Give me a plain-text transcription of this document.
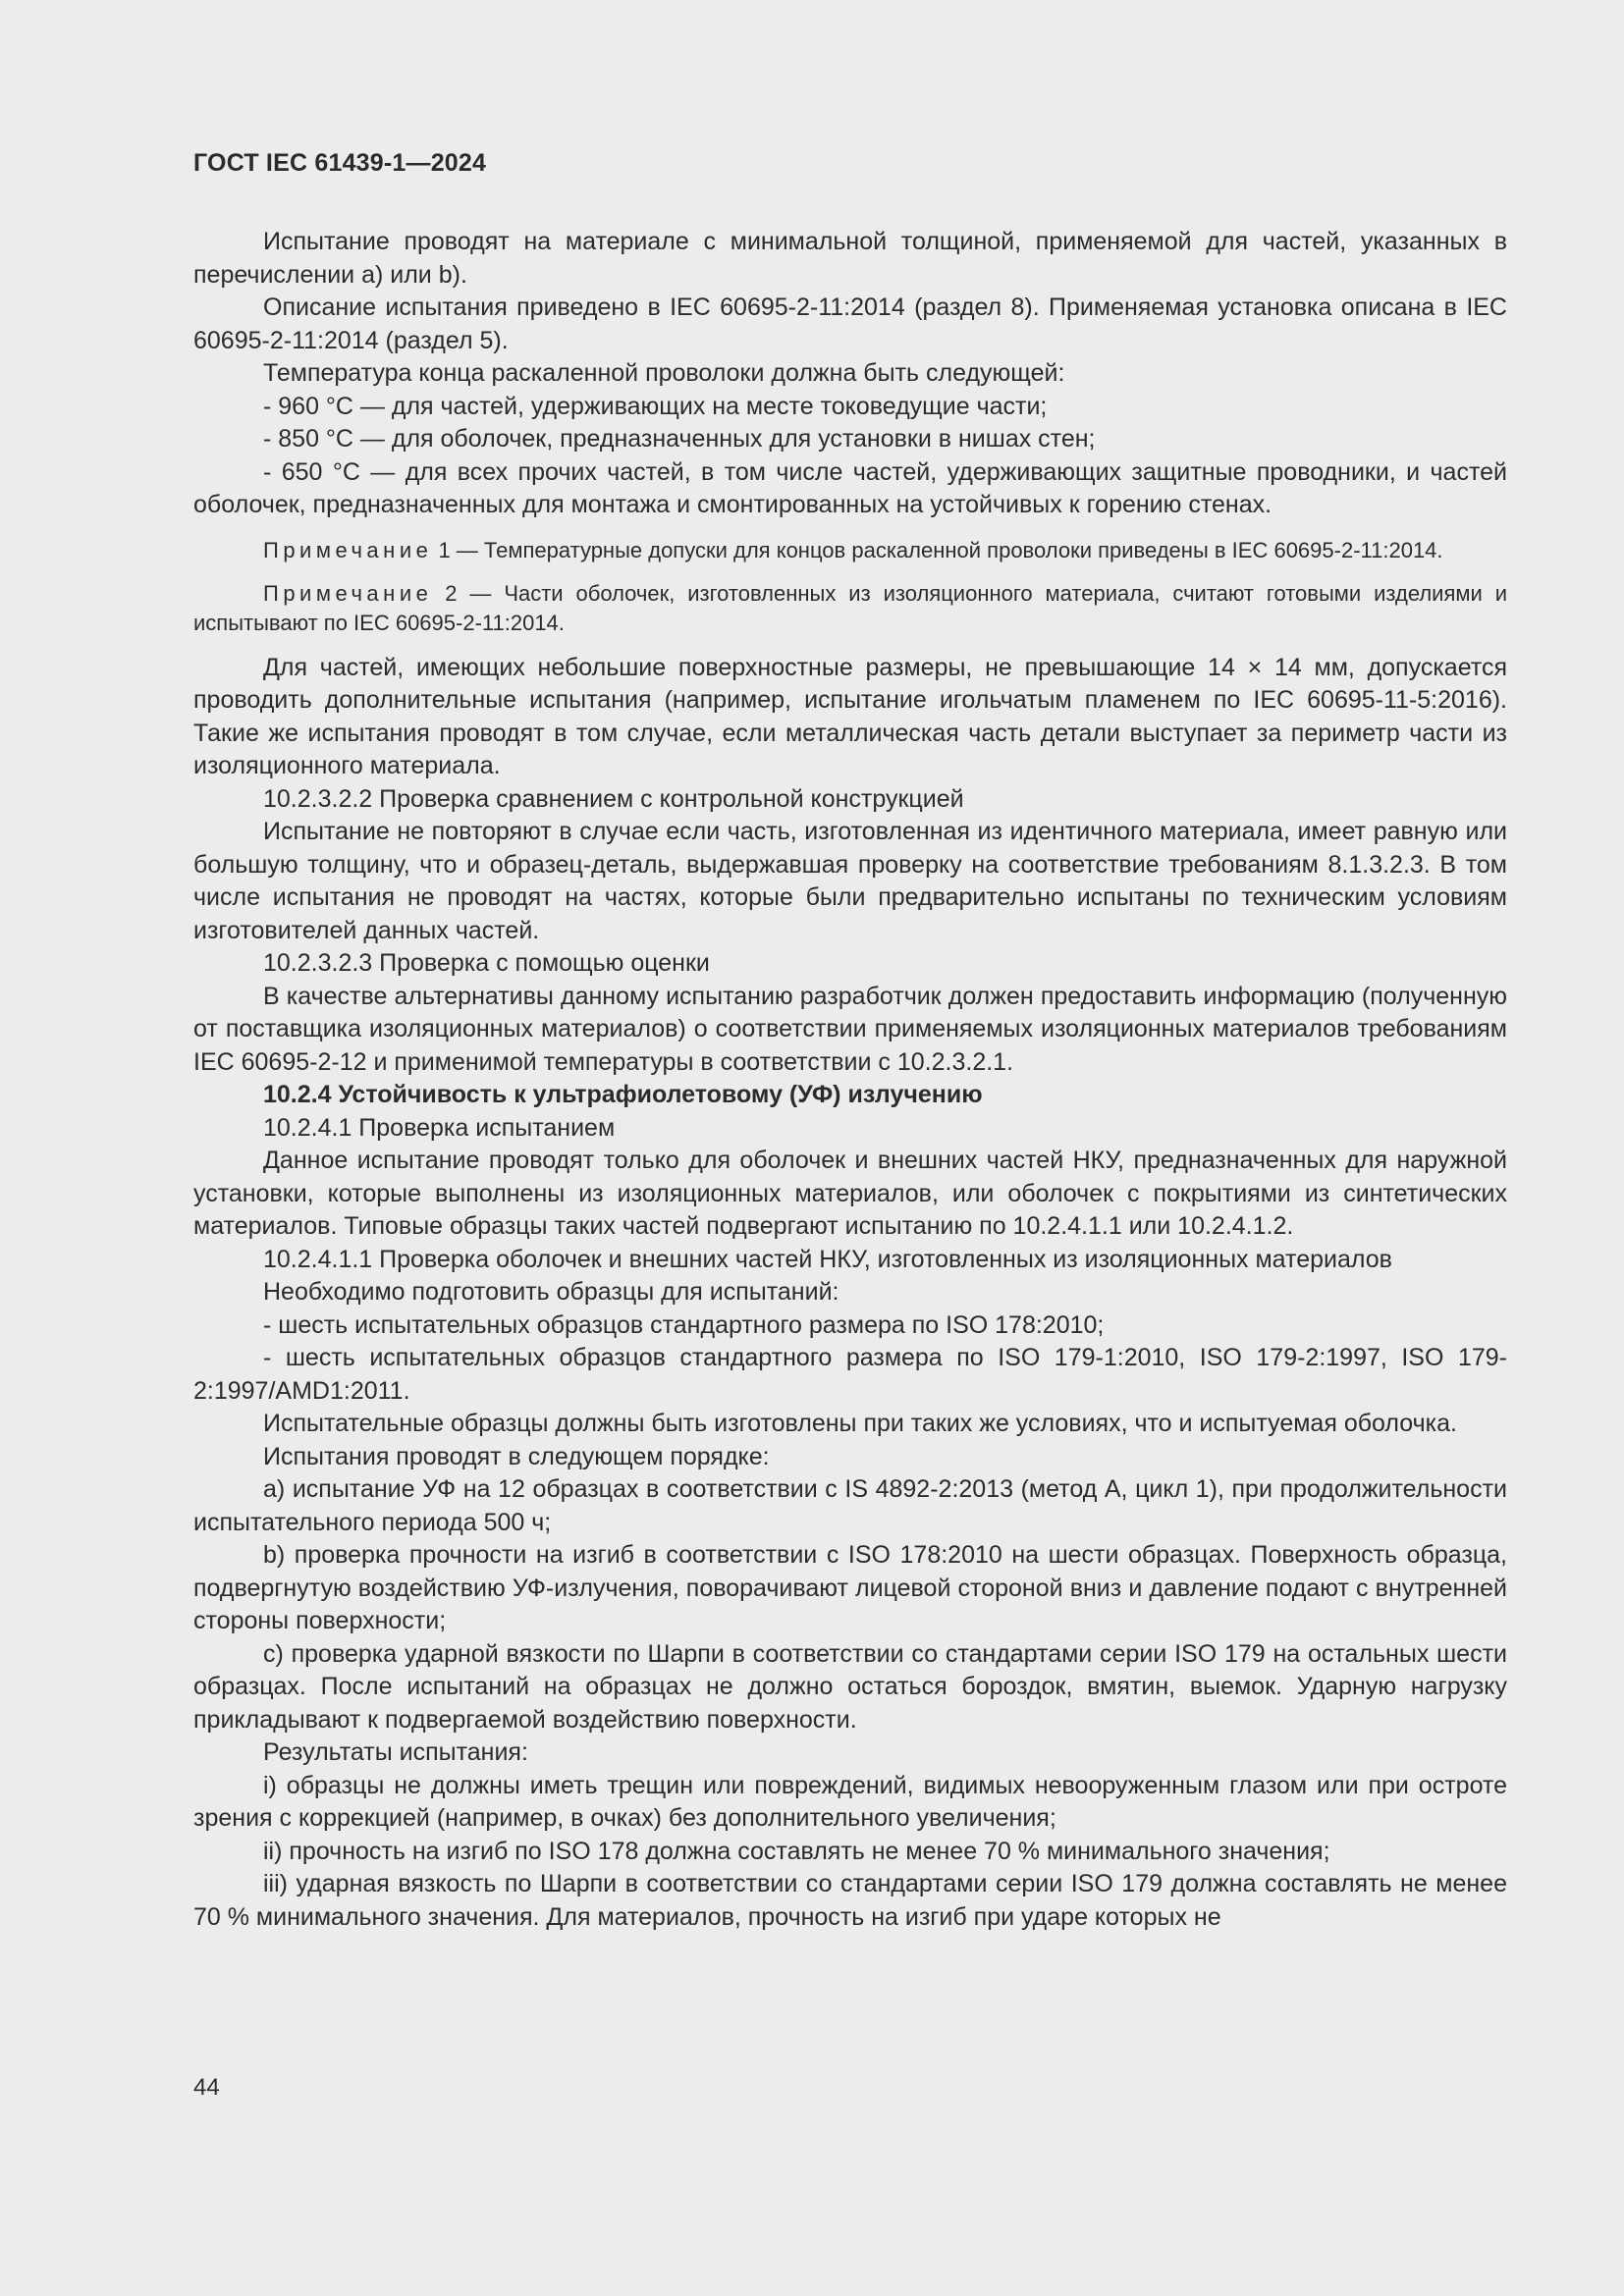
ГОСТ IEC 61439-1—2024

Испытание проводят на материале с минимальной толщиной, применяемой для частей, указанных в перечислении a) или b).

Описание испытания приведено в IEC 60695-2-11:2014 (раздел 8). Применяемая установка описана в IEC 60695-2-11:2014 (раздел 5).

Температура конца раскаленной проволоки должна быть следующей:

- 960 °C — для частей, удерживающих на месте токоведущие части;

- 850 °C — для оболочек, предназначенных для установки в нишах стен;

- 650 °C — для всех прочих частей, в том числе частей, удерживающих защитные проводники, и частей оболочек, предназначенных для монтажа и смонтированных на устойчивых к горению стенах.

Примечание 1 — Температурные допуски для концов раскаленной проволоки приведены в IEC 60695-2-11:2014.

Примечание 2 — Части оболочек, изготовленных из изоляционного материала, считают готовыми изделиями и испытывают по IEC 60695-2-11:2014.

Для частей, имеющих небольшие поверхностные размеры, не превышающие 14 × 14 мм, допускается проводить дополнительные испытания (например, испытание игольчатым пламенем по IEC 60695-11-5:2016). Такие же испытания проводят в том случае, если металлическая часть детали выступает за периметр части из изоляционного материала.

10.2.3.2.2 Проверка сравнением с контрольной конструкцией

Испытание не повторяют в случае если часть, изготовленная из идентичного материала, имеет равную или большую толщину, что и образец-деталь, выдержавшая проверку на соответствие требованиям 8.1.3.2.3. В том числе испытания не проводят на частях, которые были предварительно испытаны по техническим условиям изготовителей данных частей.

10.2.3.2.3 Проверка с помощью оценки

В качестве альтернативы данному испытанию разработчик должен предоставить информацию (полученную от поставщика изоляционных материалов) о соответствии применяемых изоляционных материалов требованиям IEC 60695-2-12 и применимой температуры в соответствии с 10.2.3.2.1.

10.2.4 Устойчивость к ультрафиолетовому (УФ) излучению

10.2.4.1 Проверка испытанием

Данное испытание проводят только для оболочек и внешних частей НКУ, предназначенных для наружной установки, которые выполнены из изоляционных материалов, или оболочек с покрытиями из синтетических материалов. Типовые образцы таких частей подвергают испытанию по 10.2.4.1.1 или 10.2.4.1.2.

10.2.4.1.1 Проверка оболочек и внешних частей НКУ, изготовленных из изоляционных материалов

Необходимо подготовить образцы для испытаний:

- шесть испытательных образцов стандартного размера по ISO 178:2010;

- шесть испытательных образцов стандартного размера по ISO 179-1:2010, ISO 179-2:1997, ISO 179-2:1997/AMD1:2011.

Испытательные образцы должны быть изготовлены при таких же условиях, что и испытуемая оболочка.

Испытания проводят в следующем порядке:

a) испытание УФ на 12 образцах в соответствии с IS 4892-2:2013 (метод A, цикл 1), при продолжительности испытательного периода 500 ч;

b) проверка прочности на изгиб в соответствии с ISO 178:2010 на шести образцах. Поверхность образца, подвергнутую воздействию УФ-излучения, поворачивают лицевой стороной вниз и давление подают с внутренней стороны поверхности;

c) проверка ударной вязкости по Шарпи в соответствии со стандартами серии ISO 179 на остальных шести образцах. После испытаний на образцах не должно остаться бороздок, вмятин, выемок. Ударную нагрузку прикладывают к подвергаемой воздействию поверхности.

Результаты испытания:

i) образцы не должны иметь трещин или повреждений, видимых невооруженным глазом или при остроте зрения с коррекцией (например, в очках) без дополнительного увеличения;

ii) прочность на изгиб по ISO 178 должна составлять не менее 70 % минимального значения;

iii) ударная вязкость по Шарпи в соответствии со стандартами серии ISO 179 должна составлять не менее 70 % минимального значения. Для материалов, прочность на изгиб при ударе которых не

44
